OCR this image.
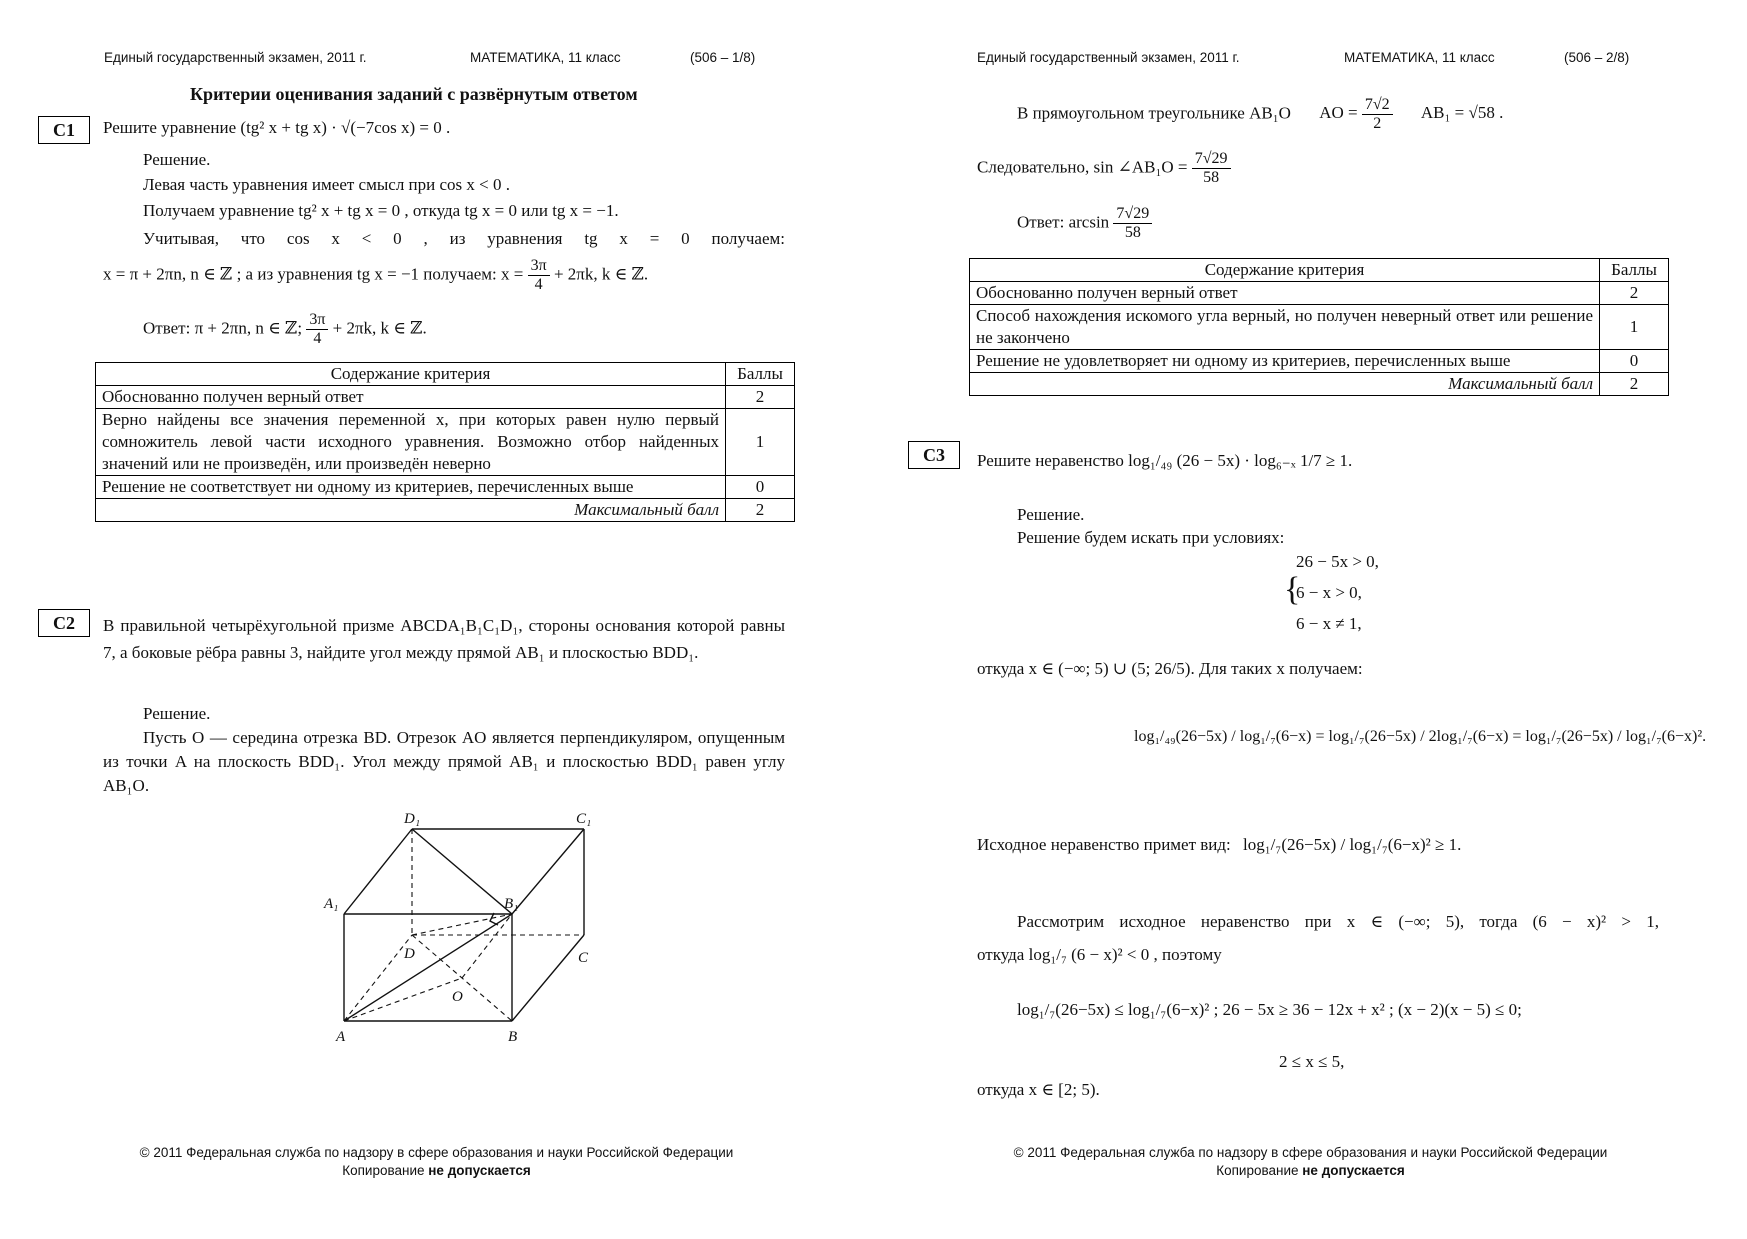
Единый государственный экзамен, 2011 г.	МАТЕМАТИКА, 11 класс	(506 – 1/8)
Критерии оценивания заданий с развёрнутым ответом
С1	Решите уравнение (tg² x + tg x) · √(−7cos x) = 0 .
Решение.
Левая часть уравнения имеет смысл при cos x < 0 .
Получаем уравнение tg² x + tg x = 0 , откуда tg x = 0 или tg x = −1.
Учитывая, что cos x < 0 , из уравнения tg x = 0 получаем:
x = π + 2πn, n ∈ ℤ ; а из уравнения tg x = −1 получаем: $x = \frac{3\pi}{4} + 2\pi k$, k ∈ ℤ.
Ответ: π + 2πn, n ∈ ℤ; $\frac{3\pi}{4} + 2\pi k$, k ∈ ℤ.
Содержание критерия	Баллы
Обоснованно получен верный ответ	2
Верно найдены все значения переменной x, при которых равен нулю первый сомножитель левой части исходного уравнения. Возможно отбор найденных значений или не произведён, или произведён неверно	1
Решение не соответствует ни одному из критериев, перечисленных выше	0
Максимальный балл	2
С2	В правильной четырёхугольной призме ABCDA₁B₁C₁D₁, стороны основания которой равны 7, а боковые рёбра равны 3, найдите угол между прямой AB₁ и плоскостью BDD₁.
Решение.
Пусть O — середина отрезка BD. Отрезок AO является перпендикуляром, опущенным из точки A на плоскость BDD₁. Угол между прямой AB₁ и плоскостью BDD₁ равен углу AB₁O.
D₁	C₁
A₁	B₁
D	C
O
A	B
© 2011 Федеральная служба по надзору в сфере образования и науки Российской Федерации
Копирование не допускается
Единый государственный экзамен, 2011 г.	МАТЕМАТИКА, 11 класс	(506 – 2/8)
В прямоугольном треугольнике AB₁O AO = $\frac{7√2}{2} AB_1 = √58$ .
Следовательно, sin ∠AB₁O = $\frac{7√29}{58}$
Ответ: $\arcsin \frac{7√29}{58}$
Содержание критерия	Баллы
Обоснованно получен верный ответ	2
Способ нахождения искомого угла верный, но получен неверный ответ или решение не закончено	1
Решение не удовлетворяет ни одному из критериев, перечисленных выше	0
Максимальный балл	2
С3	Решите неравенство log₁/₄₉ (26 − 5x) · log₆₋ₓ 1/7 ≥ 1.
Решение.
Решение будем искать при условиях:
{
26 − 5x > 0,
6 − x > 0,
6 − x ≠ 1,
откуда x ∈ (−∞; 5) ∪ (5; 26/5). Для таких x получаем:
log₁/₄₉(26−5x) / log₁/₇(6−x) = log₁/₇(26−5x) / 2log₁/₇(6−x) = log₁/₇(26−5x) / log₁/₇(6−x)².
Исходное неравенство примет вид: log₁/₇(26−5x) / log₁/₇(6−x)² ≥ 1.
Рассмотрим исходное неравенство при x ∈ (−∞; 5), тогда (6 − x)² > 1,
откуда log₁/₇ (6 − x)² < 0 , поэтому
log₁/₇(26−5x) ≤ log₁/₇(6−x)² ; 26 − 5x ≥ 36 − 12x + x² ; (x − 2)(x − 5) ≤ 0;
2 ≤ x ≤ 5,
откуда x ∈ [2; 5).
© 2011 Федеральная служба по надзору в сфере образования и науки Российской Федерации
Копирование не допускается
